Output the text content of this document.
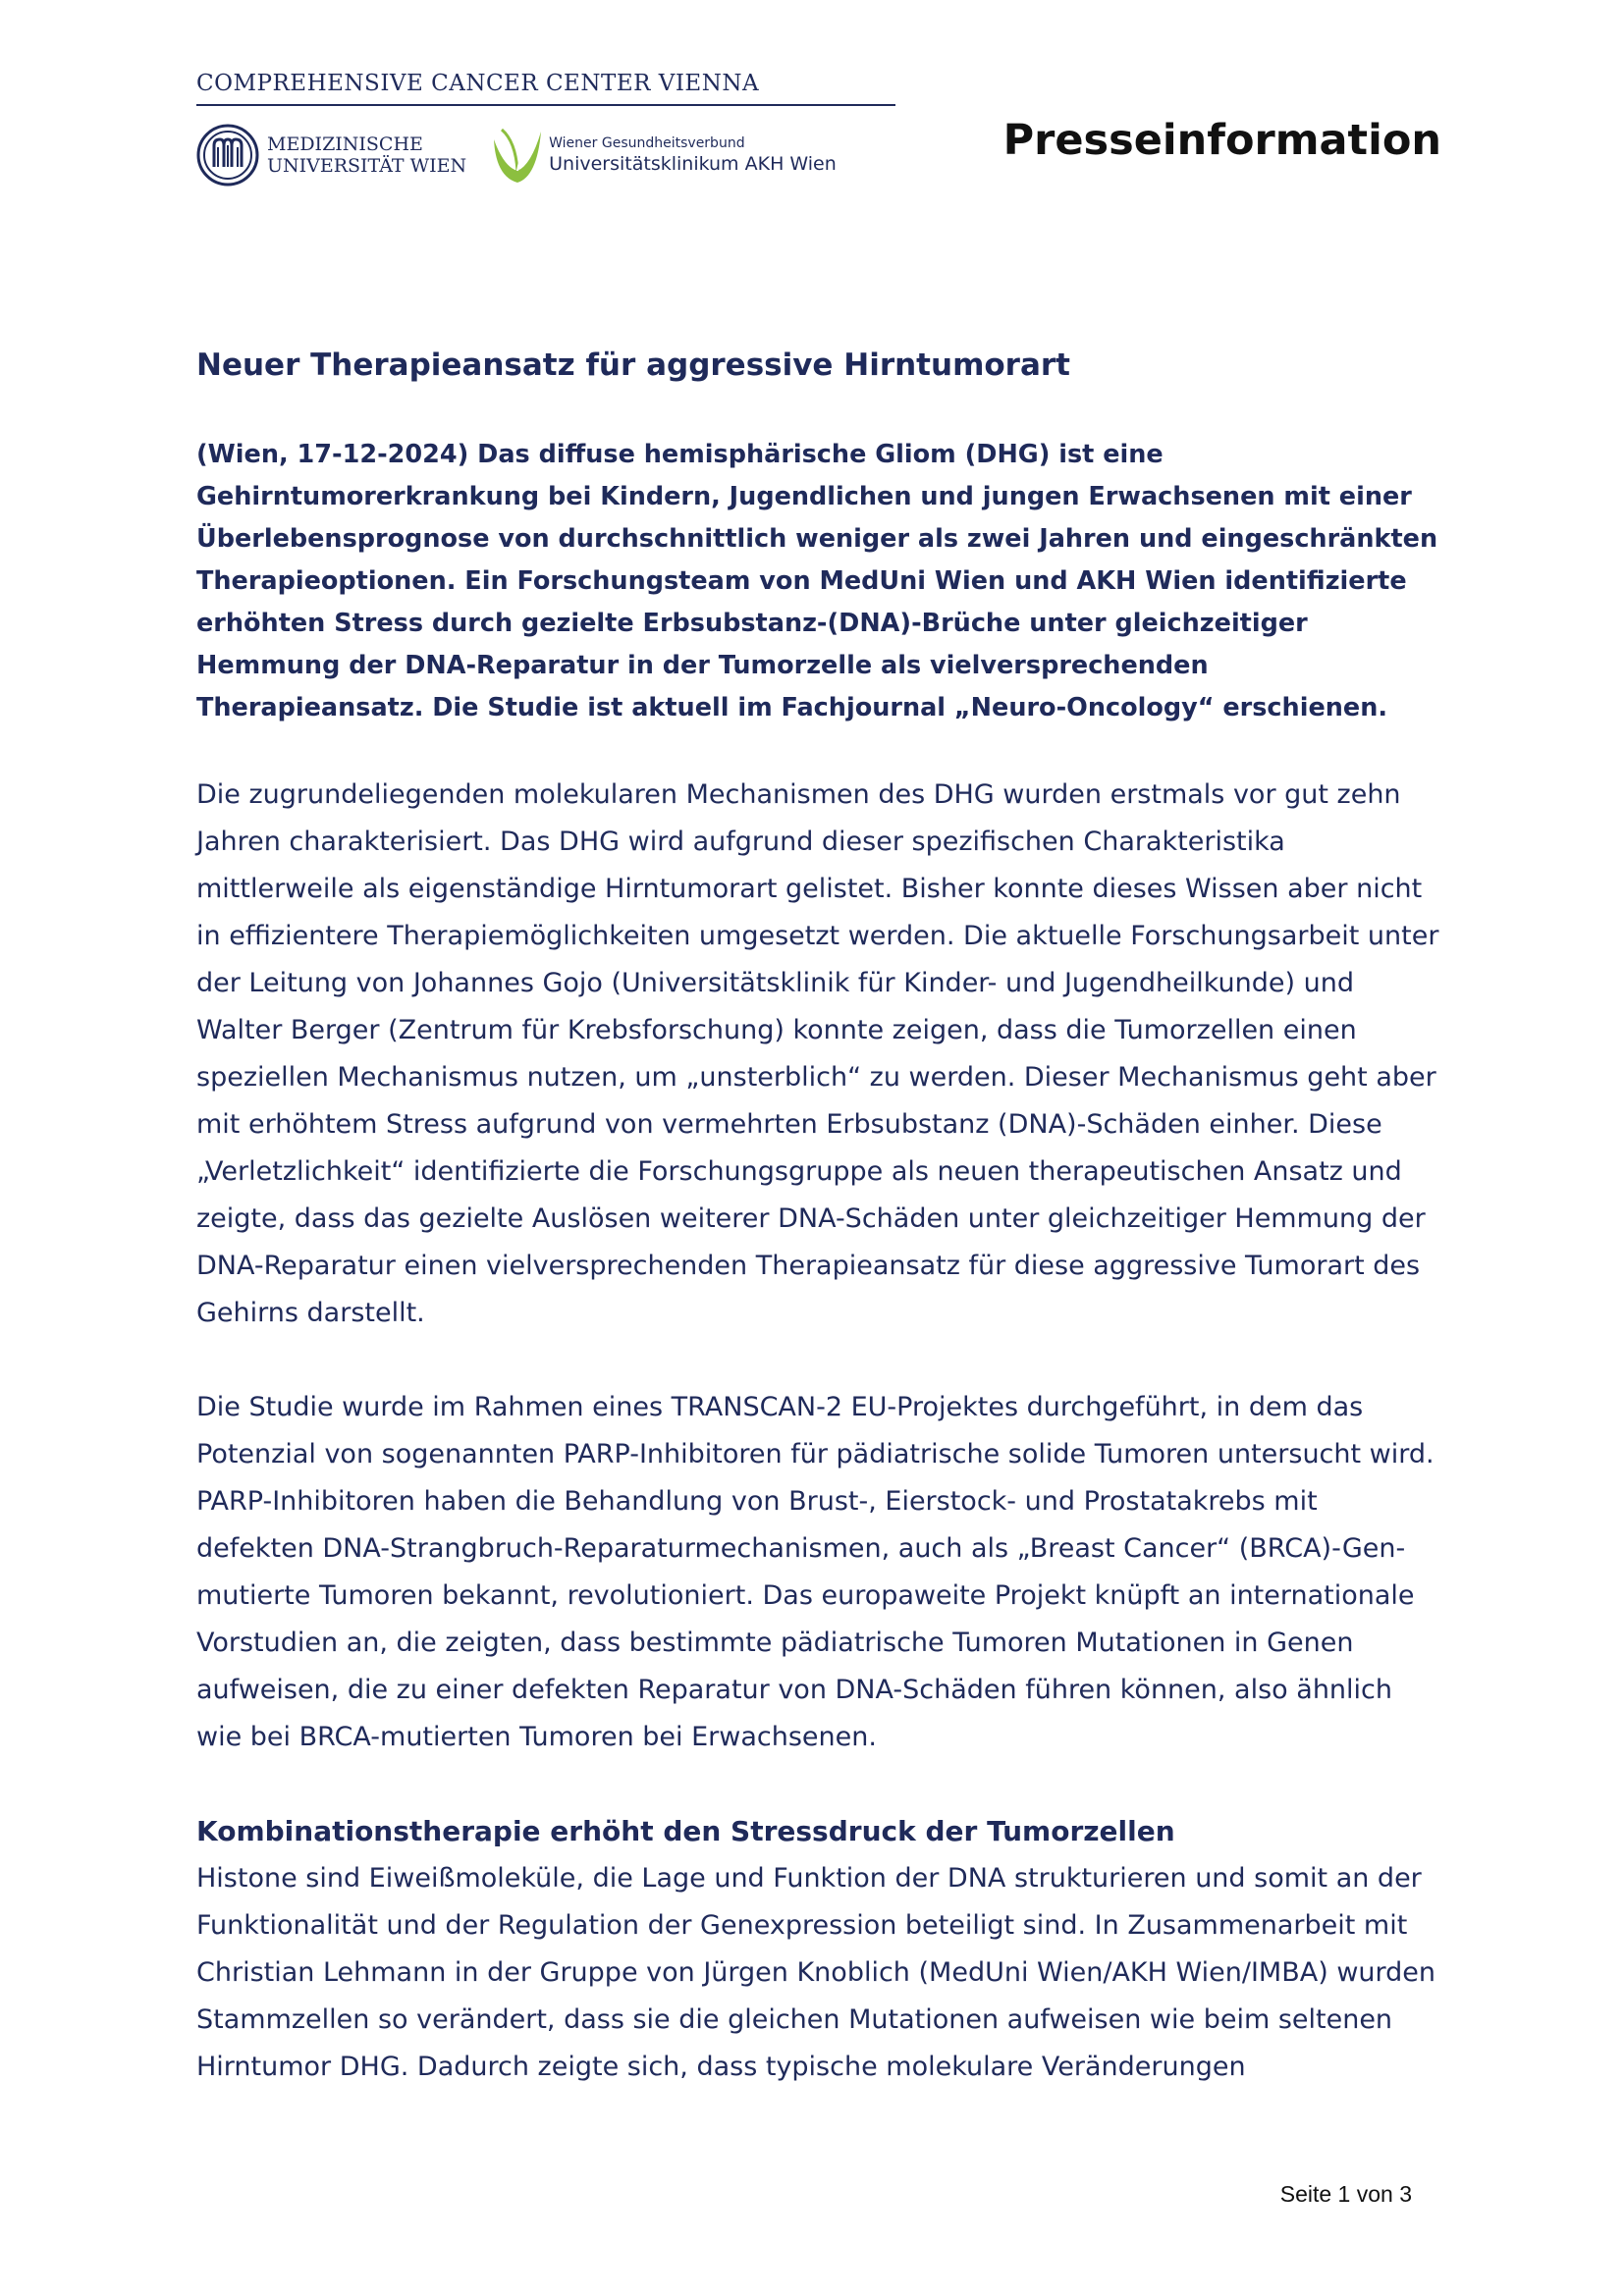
COMPREHENSIVE CANCER CENTER VIENNA
MEDIZINISCHE
UNIVERSITÄT WIEN
Wiener Gesundheitsverbund
Universitätsklinikum AKH Wien	Presseinformation
Neuer Therapieansatz für aggressive Hirntumorart

(Wien, 17-12-2024) Das diffuse hemisphärische Gliom (DHG) ist eine Gehirntumorerkrankung bei Kindern, Jugendlichen und jungen Erwachsenen mit einer Überlebensprognose von durchschnittlich weniger als zwei Jahren und eingeschränkten Therapieoptionen. Ein Forschungsteam von MedUni Wien und AKH Wien identifizierte erhöhten Stress durch gezielte Erbsubstanz-(DNA)-Brüche unter gleichzeitiger Hemmung der DNA-Reparatur in der Tumorzelle als vielversprechenden Therapieansatz. Die Studie ist aktuell im Fachjournal „Neuro-Oncology“ erschienen.

Die zugrundeliegenden molekularen Mechanismen des DHG wurden erstmals vor gut zehn Jahren charakterisiert. Das DHG wird aufgrund dieser spezifischen Charakteristika mittlerweile als eigenständige Hirntumorart gelistet. Bisher konnte dieses Wissen aber nicht in effizientere Therapiemöglichkeiten umgesetzt werden. Die aktuelle Forschungsarbeit unter der Leitung von Johannes Gojo (Universitätsklinik für Kinder- und Jugendheilkunde) und Walter Berger (Zentrum für Krebsforschung) konnte zeigen, dass die Tumorzellen einen speziellen Mechanismus nutzen, um „unsterblich“ zu werden. Dieser Mechanismus geht aber mit erhöhtem Stress aufgrund von vermehrten Erbsubstanz (DNA)-Schäden einher. Diese „Verletzlichkeit“ identifizierte die Forschungsgruppe als neuen therapeutischen Ansatz und zeigte, dass das gezielte Auslösen weiterer DNA-Schäden unter gleichzeitiger Hemmung der DNA-Reparatur einen vielversprechenden Therapieansatz für diese aggressive Tumorart des Gehirns darstellt.

Die Studie wurde im Rahmen eines TRANSCAN-2 EU-Projektes durchgeführt, in dem das Potenzial von sogenannten PARP-Inhibitoren für pädiatrische solide Tumoren untersucht wird. PARP-Inhibitoren haben die Behandlung von Brust-, Eierstock- und Prostatakrebs mit defekten DNA-Strangbruch-Reparaturmechanismen, auch als „Breast Cancer“ (BRCA)-Gen-mutierte Tumoren bekannt, revolutioniert. Das europaweite Projekt knüpft an internationale Vorstudien an, die zeigten, dass bestimmte pädiatrische Tumoren Mutationen in Genen aufweisen, die zu einer defekten Reparatur von DNA-Schäden führen können, also ähnlich wie bei BRCA-mutierten Tumoren bei Erwachsenen.

Kombinationstherapie erhöht den Stressdruck der Tumorzellen

Histone sind Eiweißmoleküle, die Lage und Funktion der DNA strukturieren und somit an der Funktionalität und der Regulation der Genexpression beteiligt sind. In Zusammenarbeit mit Christian Lehmann in der Gruppe von Jürgen Knoblich (MedUni Wien/AKH Wien/IMBA) wurden Stammzellen so verändert, dass sie die gleichen Mutationen aufweisen wie beim seltenen Hirntumor DHG. Dadurch zeigte sich, dass typische molekulare Veränderungen

Seite 1 von 3
